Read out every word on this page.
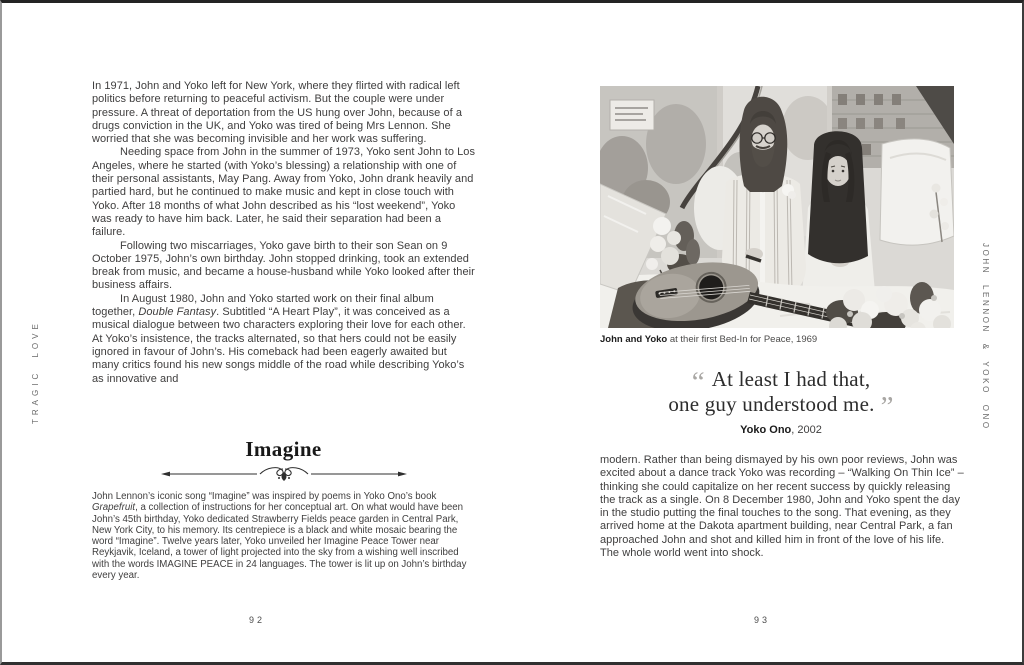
TRAGIC LOVE

In 1971, John and Yoko left for New York, where they flirted with radical left politics before returning to peaceful activism. But the couple were under pressure. A threat of deportation from the US hung over John, because of a drugs conviction in the UK, and Yoko was tired of being Mrs Lennon. She worried that she was becoming invisible and her work was suffering.

Needing space from John in the summer of 1973, Yoko sent John to Los Angeles, where he started (with Yoko’s blessing) a relationship with one of their personal assistants, May Pang. Away from Yoko, John drank heavily and partied hard, but he continued to make music and kept in close touch with Yoko. After 18 months of what John described as his “lost weekend”, Yoko was ready to have him back. Later, he said their separation had been a failure.

Following two miscarriages, Yoko gave birth to their son Sean on 9 October 1975, John’s own birthday. John stopped drinking, took an extended break from music, and became a house-husband while Yoko looked after their business affairs.

In August 1980, John and Yoko started work on their final album together, Double Fantasy. Subtitled “A Heart Play”, it was conceived as a musical dialogue between two characters exploring their love for each other. At Yoko’s insistence, the tracks alternated, so that hers could not be easily ignored in favour of John’s. His comeback had been eagerly awaited but many critics found his new songs middle of the road while describing Yoko’s as innovative and

Imagine

John Lennon’s iconic song “Imagine” was inspired by poems in Yoko Ono’s book Grapefruit, a collection of instructions for her conceptual art. On what would have been John’s 45th birthday, Yoko dedicated Strawberry Fields peace garden in Central Park, New York City, to his memory. Its centrepiece is a black and white mosaic bearing the word “Imagine”. Twelve years later, Yoko unveiled her Imagine Peace Tower near Reykjavik, Iceland, a tower of light projected into the sky from a wishing well inscribed with the words IMAGINE PEACE in 24 languages. The tower is lit up on John’s birthday every year.

92
John and Yoko at their first Bed-In for Peace, 1969
“ At least I had that,
one guy understood me. ”
Yoko Ono, 2002

modern. Rather than being dismayed by his own poor reviews, John was excited about a dance track Yoko was recording – “Walking On Thin Ice” – thinking she could capitalize on her recent success by quickly releasing the track as a single. On 8 December 1980, John and Yoko spent the day in the studio putting the final touches to the song. That evening, as they arrived home at the Dakota apartment building, near Central Park, a fan approached John and shot and killed him in front of the love of his life. The whole world went into shock.

93
JOHN LENNON & YOKO ONO
